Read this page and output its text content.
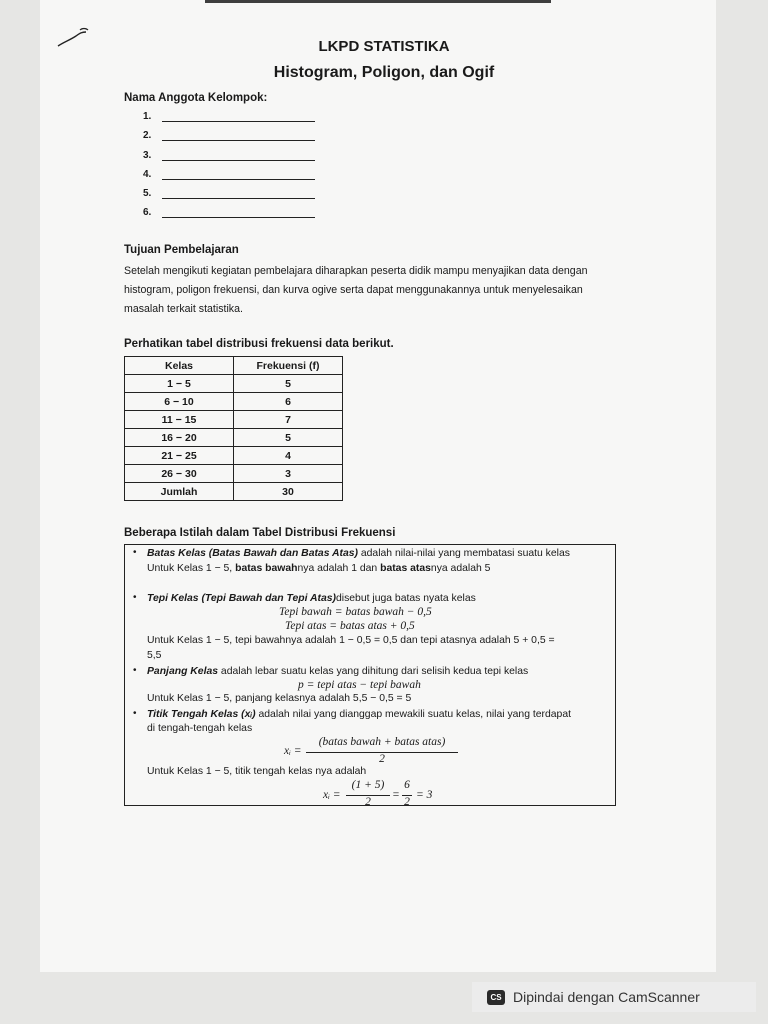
LKPD STATISTIKA
Histogram, Poligon, dan Ogif
Nama Anggota Kelompok:
1.
2.
3.
4.
5.
6.
Tujuan Pembelajaran
Setelah mengikuti kegiatan pembelajara diharapkan peserta didik mampu menyajikan data dengan
histogram, poligon frekuensi, dan kurva ogive serta dapat menggunakannya untuk menyelesaikan
masalah terkait statistika.
Perhatikan tabel distribusi frekuensi data berikut.
Kelas	Frekuensi (f)
1 − 5	5
6 − 10	6
11 − 15	7
16 − 20	5
21 − 25	4
26 − 30	3
Jumlah	30
Beberapa Istilah dalam Tabel Distribusi Frekuensi
• Batas Kelas (Batas Bawah dan Batas Atas) adalah nilai-nilai yang membatasi suatu kelas
Untuk Kelas 1 − 5, batas bawahnya adalah 1 dan batas atasnya adalah 5
• Tepi Kelas (Tepi Bawah dan Tepi Atas)disebut juga batas nyata kelas
Tepi bawah = batas bawah − 0,5
Tepi atas = batas atas + 0,5
Untuk Kelas 1 − 5, tepi bawahnya adalah 1 − 0,5 = 0,5 dan tepi atasnya adalah 5 + 0,5 =
5,5
• Panjang Kelas adalah lebar suatu kelas yang dihitung dari selisih kedua tepi kelas
p = tepi atas − tepi bawah
Untuk Kelas 1 − 5, panjang kelasnya adalah 5,5 − 0,5 = 5
• Titik Tengah Kelas (xᵢ) adalah nilai yang dianggap mewakili suatu kelas, nilai yang terdapat
di tengah-tengah kelas
xᵢ =
(batas bawah + batas atas)
2
Untuk Kelas 1 − 5, titik tengah kelas nya adalah
xᵢ =
(1 + 5)
2
=
6
2
= 3
CS Dipindai dengan CamScanner
